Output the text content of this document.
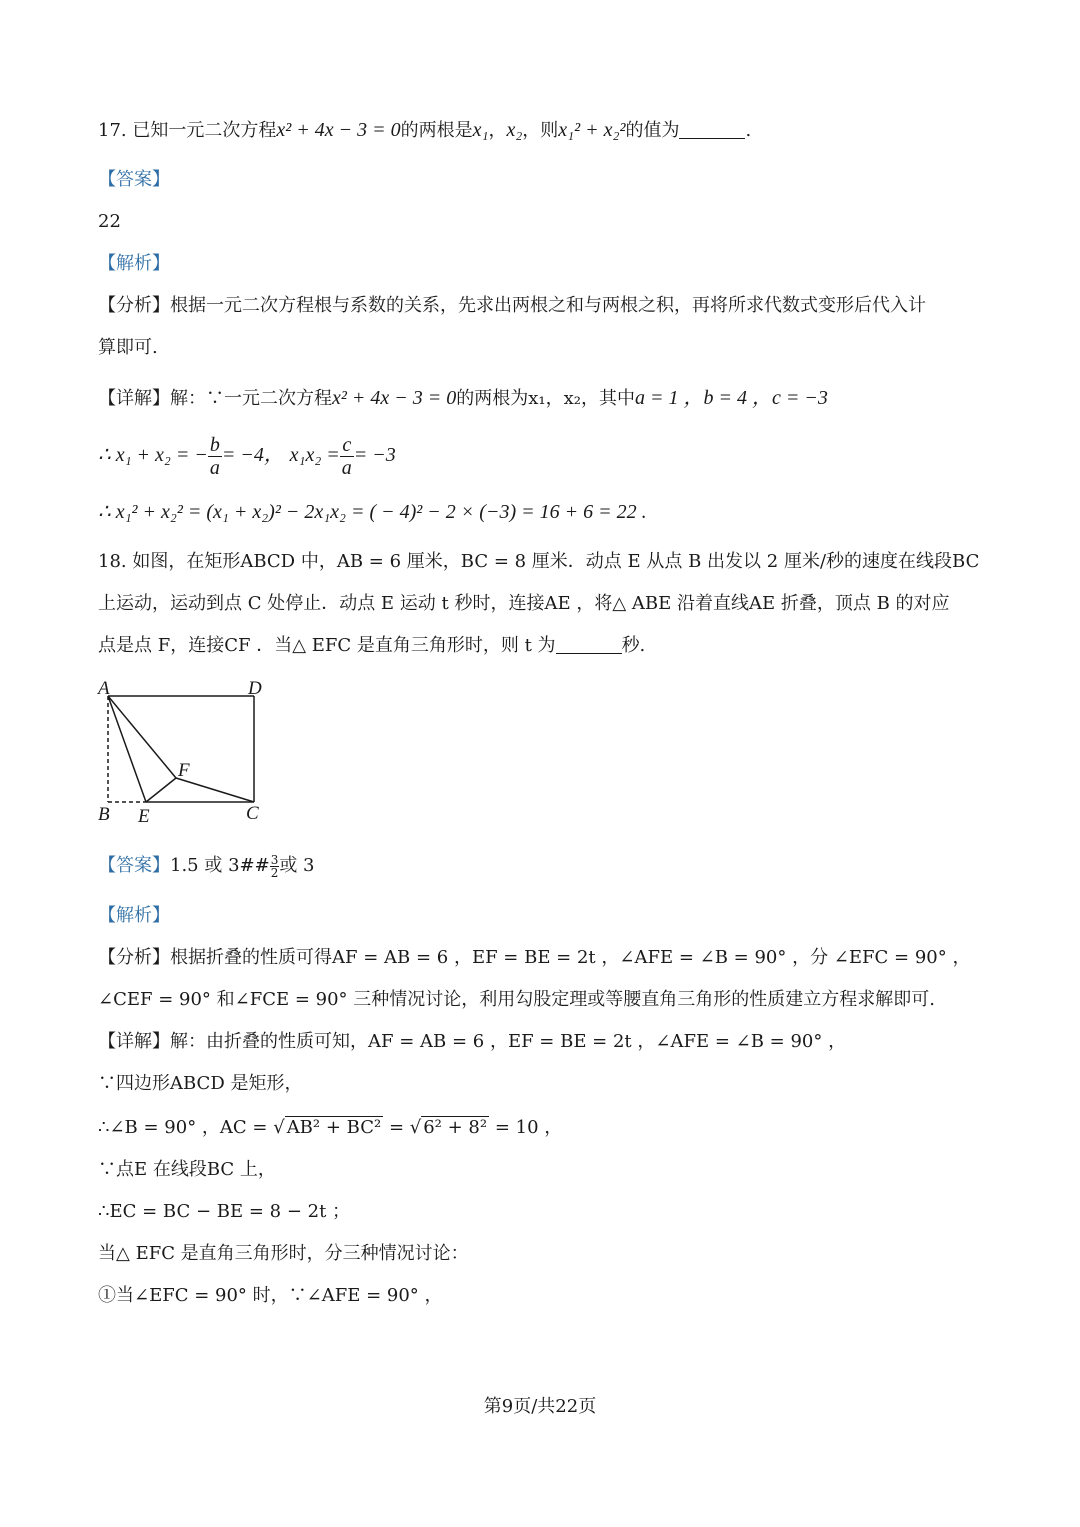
17. 已知一元二次方程x² + 4x − 3 = 0的两根是x₁，x₂，则x₁² + x₂²的值为	.
【答案】
22
【解析】
【分析】根据一元二次方程根与系数的关系，先求出两根之和与两根之积，再将所求代数式变形后代入计
算即可.
【详解】解：∵一元二次方程x² + 4x − 3 = 0的两根为x₁，x₂，其中a = 1 ，b = 4 ，c = −3
∴ x₁ + x₂ = − $\frac{b}{a} = -4$， $x_1x_2 = \frac{c}{a} = -3$
∴ x₁² + x₂² = (x₁ + x₂)² − 2x₁x₂ = ( − 4)² − 2 × (−3) = 16 + 6 = 22 .
18. 如图，在矩形ABCD 中，AB = 6 厘米，BC = 8 厘米．动点 E 从点 B 出发以 2 厘米/秒的速度在线段BC
上运动，运动到点 C 处停止．动点 E 运动 t 秒时，连接AE ，将△ ABE 沿着直线AE 折叠，顶点 B 的对应
点是点 F，连接CF ．当△ EFC 是直角三角形时，则 t 为	秒.
A	D
F
B E	C
【答案】1.5 或 3## $\frac{3}{2}$ 或 3
【解析】
【分析】根据折叠的性质可得AF = AB = 6 ，EF = BE = 2t ，∠AFE = ∠B = 90° ，分 ∠EFC = 90° ，
∠CEF = 90° 和∠FCE = 90° 三种情况讨论，利用勾股定理或等腰直角三角形的性质建立方程求解即可.
【详解】解：由折叠的性质可知，AF = AB = 6 ，EF = BE = 2t ，∠AFE = ∠B = 90° ，
∵四边形ABCD 是矩形，
∴∠B = 90° ，AC = √ AB² + BC² = √ 6² + 8² = 10 ，
∵点E 在线段BC 上，
∴EC = BC − BE = 8 − 2t ；
当△ EFC 是直角三角形时，分三种情况讨论：
①当∠EFC = 90° 时，∵∠AFE = 90° ，
第9页/共22页
